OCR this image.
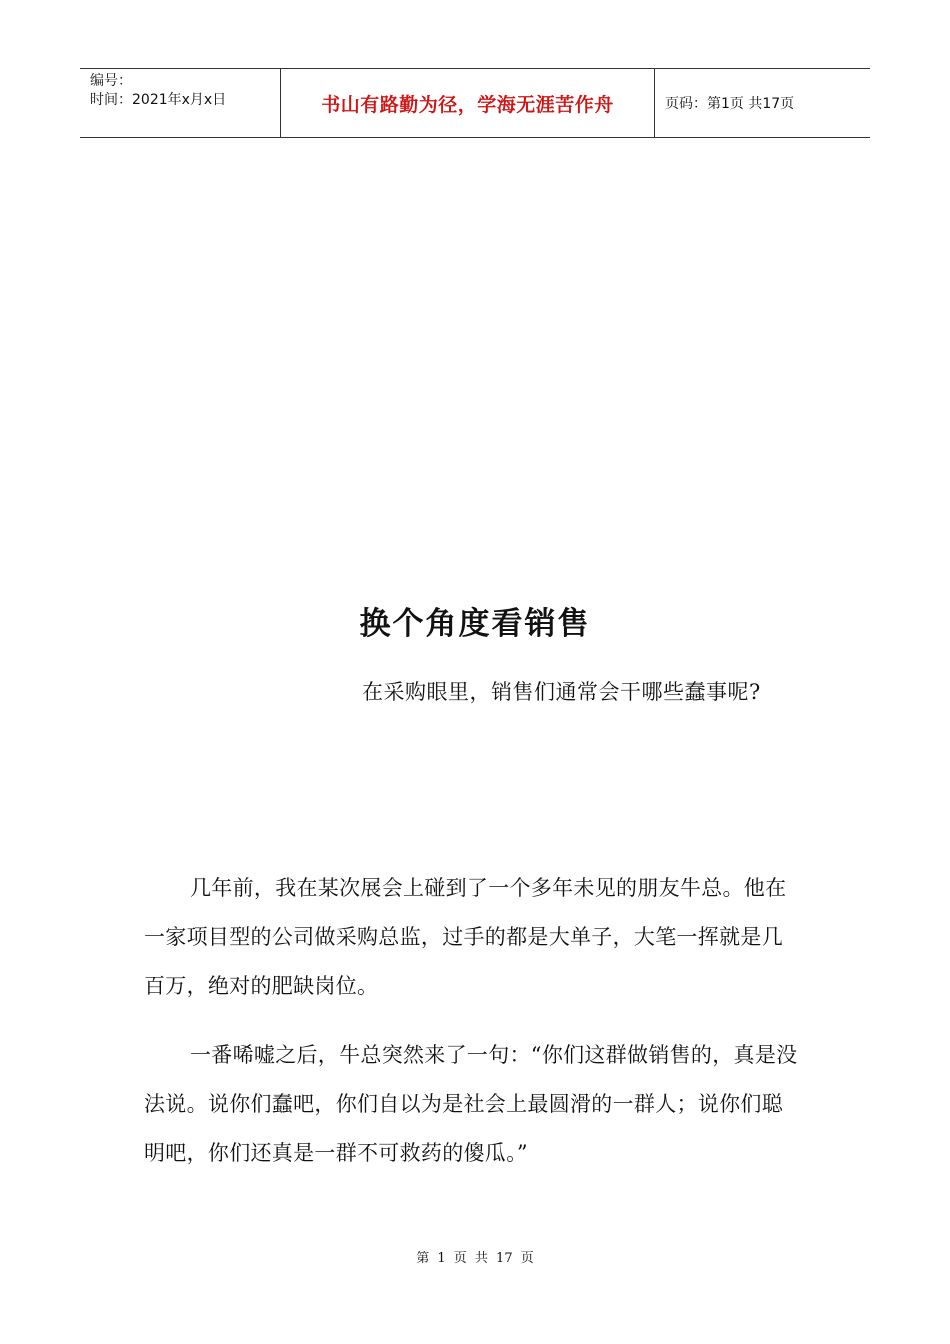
编号：
时间：2021年x月x日	书山有路勤为径，学海无涯苦作舟	页码：第1页 共17页
换个角度看销售
在采购眼里，销售们通常会干哪些蠢事呢?

几年前，我在某次展会上碰到了一个多年未见的朋友牛总。他在一家项目型的公司做采购总监，过手的都是大单子，大笔一挥就是几百万，绝对的肥缺岗位。

一番唏嘘之后，牛总突然来了一句：“你们这群做销售的，真是没法说。说你们蠢吧，你们自以为是社会上最圆滑的一群人；说你们聪明吧，你们还真是一群不可救药的傻瓜。”

第 1 页 共 17 页
